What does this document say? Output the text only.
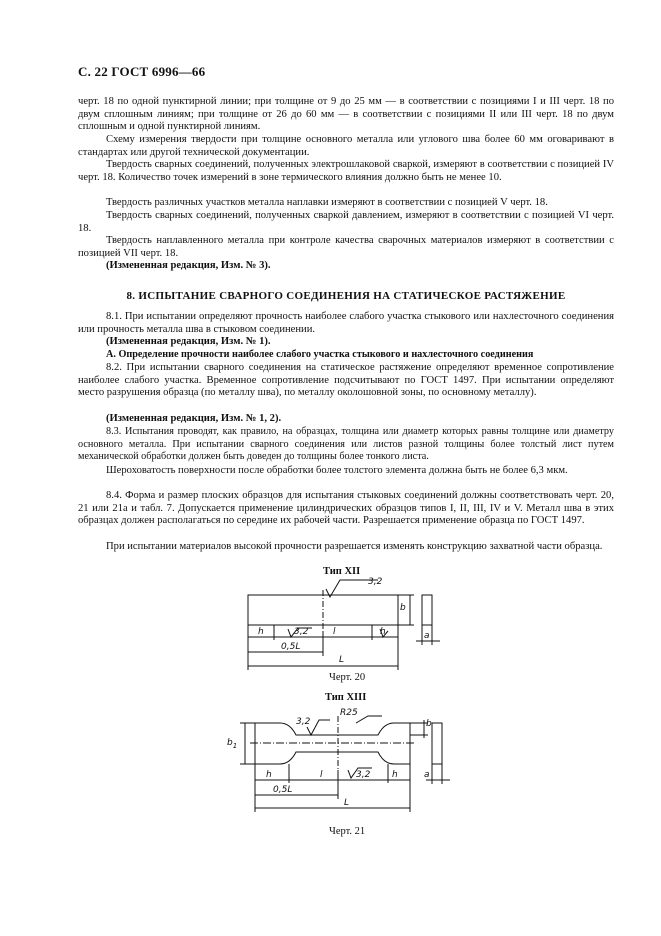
С. 22 ГОСТ 6996—66

черт. 18 по одной пунктирной линии; при толщине от 9 до 25 мм — в соответствии с позициями I и III черт. 18 по двум сплошным линиям; при толщине от 26 до 60 мм — в соответствии с позициями II или III черт. 18 по двум сплошным и одной пунктирной линиям.

Схему измерения твердости при толщине основного металла или углового шва более 60 мм оговаривают в стандартах или другой технической документации.

Твердость сварных соединений, полученных электрошлаковой сваркой, измеряют в соответствии с позицией IV черт. 18. Количество точек измерений в зоне термического влияния должно быть не менее 10.

Твердость различных участков металла наплавки измеряют в соответствии с позицией V черт. 18.

Твердость сварных соединений, полученных сваркой давлением, измеряют в соответствии с позицией VI черт. 18.

Твердость наплавленного металла при контроле качества сварочных материалов измеряют в соответствии с позицией VII черт. 18.

(Измененная редакция, Изм. № 3).

8. ИСПЫТАНИЕ СВАРНОГО СОЕДИНЕНИЯ НА СТАТИЧЕСКОЕ РАСТЯЖЕНИЕ

8.1. При испытании определяют прочность наиболее слабого участка стыкового или нахлесточного соединения или прочность металла шва в стыковом соединении.

(Измененная редакция, Изм. № 1).

А. Определение прочности наиболее слабого участка стыкового и нахлесточного соединения

8.2. При испытании сварного соединения на статическое растяжение определяют временное сопротивление наиболее слабого участка. Временное сопротивление подсчитывают по ГОСТ 1497. При испытании определяют место разрушения образца (по металлу шва), по металлу околошовной зоны, по основному металлу).

(Измененная редакция, Изм. № 1, 2).

8.3. Испытания проводят, как правило, на образцах, толщина или диаметр которых равны толщине или диаметру основного металла. При испытании сварного соединения или листов разной толщины более толстый лист путем механической обработки должен быть доведен до толщины более тонкого листа.

Шероховатость поверхности после обработки более толстого элемента должна быть не более 6,3 мкм.

8.4. Форма и размер плоских образцов для испытания стыковых соединений должны соответствовать черт. 20, 21 или 21а и табл. 7. Допускается применение цилиндрических образцов типов I, II, III, IV и V. Металл шва в этих образцах должен располагаться по середине их рабочей части. Разрешается применение образца по ГОСТ 1497.

При испытании материалов высокой прочности разрешается изменять конструкцию захватной части образца.

Тип XII
3,2
b
h	3,2	l	h	a
0,5L
L
Черт. 20
Тип XIII
3,2
R25
b
$b_1$
h	l	3,2 h	a
0,5L
L
Черт. 21
